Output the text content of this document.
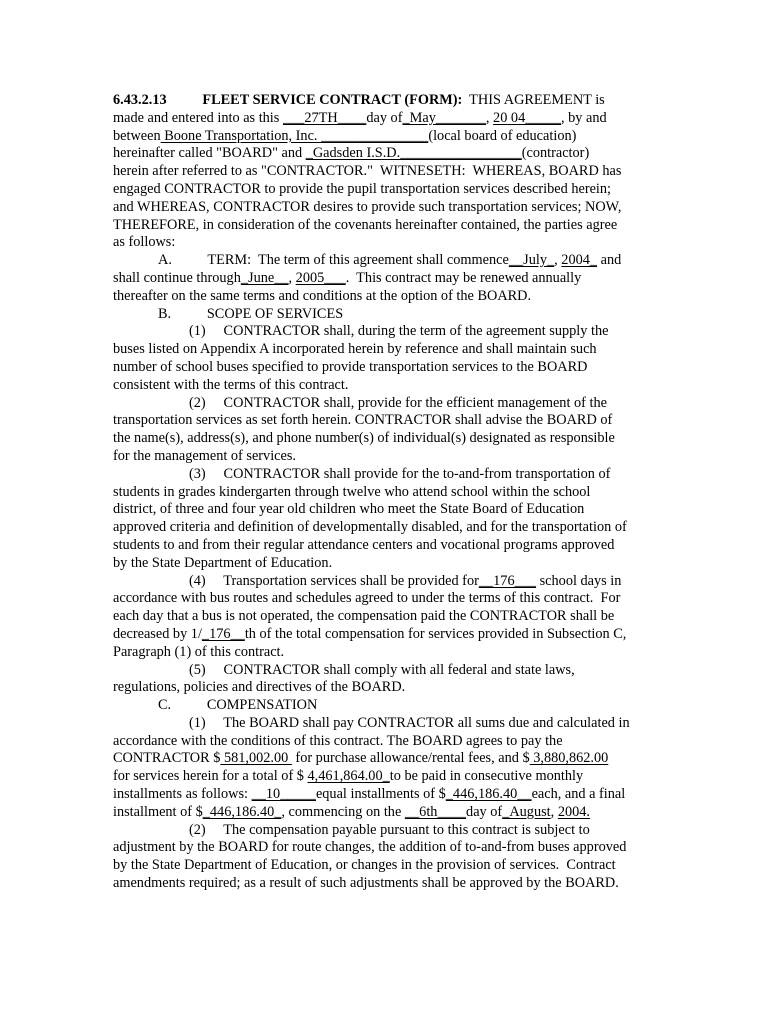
6.43.2.13	FLEET SERVICE CONTRACT (FORM):  THIS AGREEMENT is
made and entered into as this ___27TH____day of_May_______, 20 04_____, by and
between Boone Transportation, Inc. _______________(local board of education)
hereinafter called "BOARD" and _Gadsden I.S.D._________________(contractor)
herein after referred to as "CONTRACTOR."  WITNESETH:  WHEREAS, BOARD has
engaged CONTRACTOR to provide the pupil transportation services described herein;
and WHEREAS, CONTRACTOR desires to provide such transportation services; NOW,
THEREFORE, in consideration of the covenants hereinafter contained, the parties agree
as follows:
A.          TERM:  The term of this agreement shall commence__July_, 2004_ and
shall continue through_June__, 2005___.  This contract may be renewed annually
thereafter on the same terms and conditions at the option of the BOARD.
B.          SCOPE OF SERVICES
(1)     CONTRACTOR shall, during the term of the agreement supply the
buses listed on Appendix A incorporated herein by reference and shall maintain such
number of school buses specified to provide transportation services to the BOARD
consistent with the terms of this contract.
(2)     CONTRACTOR shall, provide for the efficient management of the
transportation services as set forth herein. CONTRACTOR shall advise the BOARD of
the name(s), address(s), and phone number(s) of individual(s) designated as responsible
for the management of services.
(3)     CONTRACTOR shall provide for the to-and-from transportation of
students in grades kindergarten through twelve who attend school within the school
district, of three and four year old children who meet the State Board of Education
approved criteria and definition of developmentally disabled, and for the transportation of
students to and from their regular attendance centers and vocational programs approved
by the State Department of Education.
(4)     Transportation services shall be provided for__176___ school days in
accordance with bus routes and schedules agreed to under the terms of this contract.  For
each day that a bus is not operated, the compensation paid the CONTRACTOR shall be
decreased by 1/_176__th of the total compensation for services provided in Subsection C,
Paragraph (1) of this contract.
(5)     CONTRACTOR shall comply with all federal and state laws,
regulations, policies and directives of the BOARD.
C.          COMPENSATION
(1)     The BOARD shall pay CONTRACTOR all sums due and calculated in
accordance with the conditions of this contract. The BOARD agrees to pay the
CONTRACTOR $ 581,002.00  for purchase allowance/rental fees, and $ 3,880,862.00
for services herein for a total of $ 4,461,864.00_to be paid in consecutive monthly
installments as follows: __10_____equal installments of $_446,186.40__each, and a final
installment of $_446,186.40_, commencing on the __6th____day of_August, 2004.
(2)     The compensation payable pursuant to this contract is subject to
adjustment by the BOARD for route changes, the addition of to-and-from buses approved
by the State Department of Education, or changes in the provision of services.  Contract
amendments required; as a result of such adjustments shall be approved by the BOARD.
